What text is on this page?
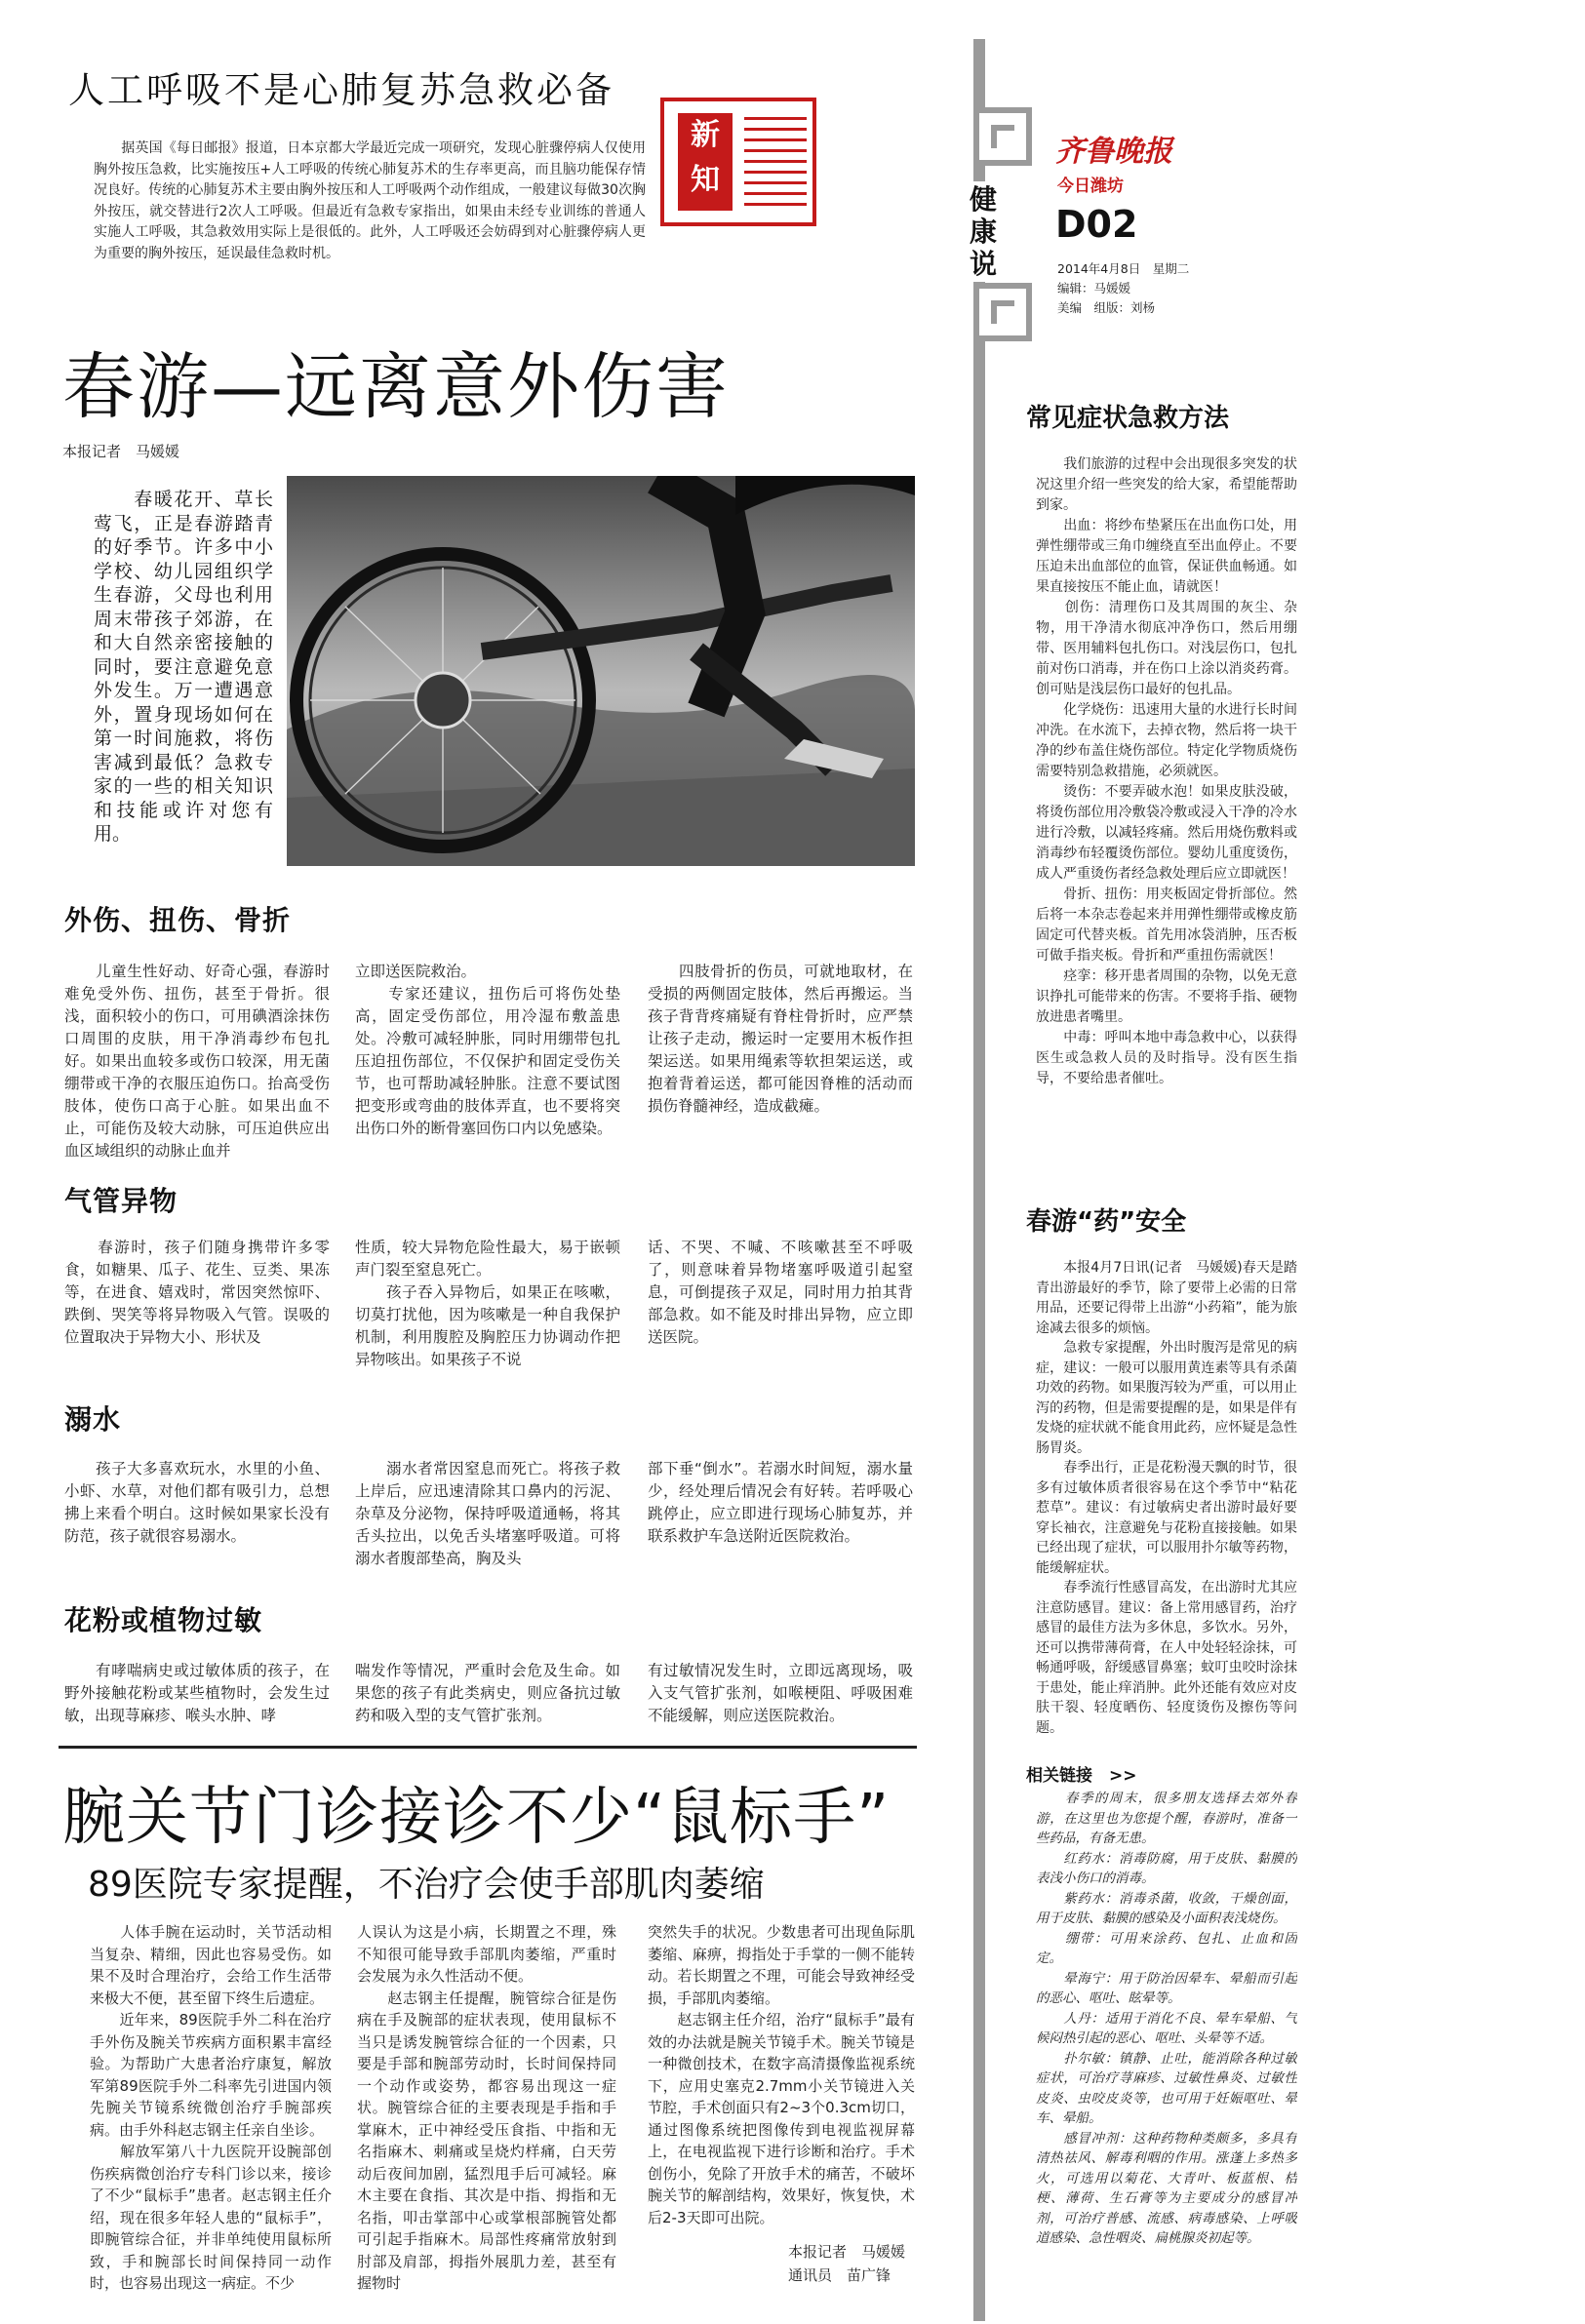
人工呼吸不是心肺复苏急救必备
　　据英国《每日邮报》报道，日本京都大学最近完成一项研究，发现心脏骤停病人仅使用胸外按压急救，比实施按压+人工呼吸的传统心肺复苏术的生存率更高，而且脑功能保存情况良好。传统的心肺复苏术主要由胸外按压和人工呼吸两个动作组成，一般建议每做30次胸外按压，就交替进行2次人工呼吸。但最近有急救专家指出，如果由未经专业训练的普通人实施人工呼吸，其急救效用实际上是很低的。此外，人工呼吸还会妨碍到对心脏骤停病人更为重要的胸外按压，延误最佳急救时机。
新
知
健康说
齐鲁晚报
今日潍坊
D02
2014年4月8日　星期二
编辑：马媛媛
美编　组版：刘杨
春游—远离意外伤害
本报记者　马媛媛
　　春暖花开、草长莺飞，正是春游踏青的好季节。许多中小学校、幼儿园组织学生春游，父母也利用周末带孩子郊游，在和大自然亲密接触的同时，要注意避免意外发生。万一遭遇意外，置身现场如何在第一时间施救，将伤害减到最低？急救专家的一些的相关知识和技能或许对您有用。
外伤、扭伤、骨折
　　儿童生性好动、好奇心强，春游时难免受外伤、扭伤，甚至于骨折。很浅，面积较小的伤口，可用碘酒涂抹伤口周围的皮肤，用干净消毒纱布包扎好。如果出血较多或伤口较深，用无菌绷带或干净的衣服压迫伤口。抬高受伤肢体，使伤口高于心脏。如果出血不止，可能伤及较大动脉，可压迫供应出血区域组织的动脉止血并
立即送医院救治。
　　专家还建议，扭伤后可将伤处垫高，固定受伤部位，用冷湿布敷盖患处。冷敷可减轻肿胀，同时用绷带包扎压迫扭伤部位，不仅保护和固定受伤关节，也可帮助减轻肿胀。注意不要试图把变形或弯曲的肢体弄直，也不要将突出伤口外的断骨塞回伤口内以免感染。
　　四肢骨折的伤员，可就地取材，在受损的两侧固定肢体，然后再搬运。当孩子背背疼痛疑有脊柱骨折时，应严禁让孩子走动，搬运时一定要用木板作担架运送。如果用绳索等软担架运送，或抱着背着运送，都可能因脊椎的活动而损伤脊髓神经，造成截瘫。
气管异物
　　春游时，孩子们随身携带许多零食，如糖果、瓜子、花生、豆类、果冻等，在进食、嬉戏时，常因突然惊吓、跌倒、哭笑等将异物吸入气管。误吸的位置取决于异物大小、形状及
性质，较大异物危险性最大，易于嵌顿声门裂至窒息死亡。
　　孩子吞入异物后，如果正在咳嗽，切莫打扰他，因为咳嗽是一种自我保护机制，利用腹腔及胸腔压力协调动作把异物咳出。如果孩子不说
话、不哭、不喊、不咳嗽甚至不呼吸了，则意味着异物堵塞呼吸道引起窒息，可倒提孩子双足，同时用力拍其背部急救。如不能及时排出异物，应立即送医院。
溺水
　　孩子大多喜欢玩水，水里的小鱼、小虾、水草，对他们都有吸引力，总想拂上来看个明白。这时候如果家长没有防范，孩子就很容易溺水。
　　溺水者常因窒息而死亡。将孩子救上岸后，应迅速清除其口鼻内的污泥、杂草及分泌物，保持呼吸道通畅，将其舌头拉出，以免舌头堵塞呼吸道。可将溺水者腹部垫高，胸及头
部下垂“倒水”。若溺水时间短，溺水量少，经处理后情况会有好转。若呼吸心跳停止，应立即进行现场心肺复苏，并联系救护车急送附近医院救治。
花粉或植物过敏
　　有哮喘病史或过敏体质的孩子，在野外接触花粉或某些植物时，会发生过敏，出现荨麻疹、喉头水肿、哮
喘发作等情况，严重时会危及生命。如果您的孩子有此类病史，则应备抗过敏药和吸入型的支气管扩张剂。
有过敏情况发生时，立即远离现场，吸入支气管扩张剂，如喉梗阻、呼吸困难不能缓解，则应送医院救治。
腕关节门诊接诊不少“鼠标手”
89医院专家提醒，不治疗会使手部肌肉萎缩
　　人体手腕在运动时，关节活动相当复杂、精细，因此也容易受伤。如果不及时合理治疗，会给工作生活带来极大不便，甚至留下终生后遗症。
　　近年来，89医院手外二科在治疗手外伤及腕关节疾病方面积累丰富经验。为帮助广大患者治疗康复，解放军第89医院手外二科率先引进国内领先腕关节镜系统微创治疗手腕部疾病。由手外科赵志钢主任亲自坐诊。
　　解放军第八十九医院开设腕部创伤疾病微创治疗专科门诊以来，接诊了不少“鼠标手”患者。赵志钢主任介绍，现在很多年轻人患的“鼠标手”，即腕管综合征，并非单纯使用鼠标所致，手和腕部长时间保持同一动作时，也容易出现这一病症。不少
人误认为这是小病，长期置之不理，殊不知很可能导致手部肌肉萎缩，严重时会发展为永久性活动不便。
　　赵志钢主任提醒，腕管综合征是伤病在手及腕部的症状表现，使用鼠标不当只是诱发腕管综合征的一个因素，只要是手部和腕部劳动时，长时间保持同一个动作或姿势，都容易出现这一症状。腕管综合征的主要表现是手指和手掌麻木，正中神经受压食指、中指和无名指麻木、刺痛或呈烧灼样痛，白天劳动后夜间加剧，猛烈甩手后可减轻。麻木主要在食指、其次是中指、拇指和无名指，叩击掌部中心或掌根部腕管处都可引起手指麻木。局部性疼痛常放射到肘部及肩部，拇指外展肌力差，甚至有握物时
突然失手的状况。少数患者可出现鱼际肌萎缩、麻痹，拇指处于手掌的一侧不能转动。若长期置之不理，可能会导致神经受损，手部肌肉萎缩。
　　赵志钢主任介绍，治疗“鼠标手”最有效的办法就是腕关节镜手术。腕关节镜是一种微创技术，在数字高清摄像监视系统下，应用史塞克2.7mm小关节镜进入关节腔，手术创面只有2~3个0.3cm切口，通过图像系统把图像传到电视监视屏幕上，在电视监视下进行诊断和治疗。手术创伤小，免除了开放手术的痛苦，不破坏腕关节的解剖结构，效果好，恢复快，术后2-3天即可出院。
本报记者　马媛媛
通讯员　苗广锋
常见症状急救方法
　　我们旅游的过程中会出现很多突发的状况这里介绍一些突发的给大家，希望能帮助到家。
　　出血：将纱布垫紧压在出血伤口处，用弹性绷带或三角巾缠绕直至出血停止。不要压迫未出血部位的血管，保证供血畅通。如果直接按压不能止血，请就医！
　　创伤：清理伤口及其周围的灰尘、杂物，用干净清水彻底冲净伤口，然后用绷带、医用辅料包扎伤口。对浅层伤口，包扎前对伤口消毒，并在伤口上涂以消炎药膏。创可贴是浅层伤口最好的包扎品。
　　化学烧伤：迅速用大量的水进行长时间冲洗。在水流下，去掉衣物，然后将一块干净的纱布盖住烧伤部位。特定化学物质烧伤需要特别急救措施，必须就医。
　　烫伤：不要弄破水泡！如果皮肤没破，将烫伤部位用冷敷袋冷敷或浸入干净的冷水进行冷敷，以减轻疼痛。然后用烧伤敷料或消毒纱布轻覆烫伤部位。婴幼儿重度烫伤，成人严重烫伤者经急救处理后应立即就医！
　　骨折、扭伤：用夹板固定骨折部位。然后将一本杂志卷起来并用弹性绷带或橡皮筋固定可代替夹板。首先用冰袋消肿，压否板可做手指夹板。骨折和严重扭伤需就医！
　　痉挛：移开患者周围的杂物，以免无意识挣扎可能带来的伤害。不要将手指、硬物放进患者嘴里。
　　中毒：呼叫本地中毒急救中心，以获得医生或急救人员的及时指导。没有医生指导，不要给患者催吐。
春游“药”安全
　　本报4月7日讯(记者　马媛媛)春天是踏青出游最好的季节，除了要带上必需的日常用品，还要记得带上出游“小药箱”，能为旅途减去很多的烦恼。
　　急救专家提醒，外出时腹泻是常见的病症，建议：一般可以服用黄连素等具有杀菌功效的药物。如果腹泻较为严重，可以用止泻的药物，但是需要提醒的是，如果是伴有发烧的症状就不能食用此药，应怀疑是急性肠胃炎。
　　春季出行，正是花粉漫天飘的时节，很多有过敏体质者很容易在这个季节中“粘花惹草”。建议：有过敏病史者出游时最好要穿长袖衣，注意避免与花粉直接接触。如果已经出现了症状，可以服用扑尔敏等药物，能缓解症状。
　　春季流行性感冒高发，在出游时尤其应注意防感冒。建议：备上常用感冒药，治疗感冒的最佳方法为多休息，多饮水。另外，还可以携带薄荷膏，在人中处轻轻涂抹，可畅通呼吸，舒缓感冒鼻塞；蚊叮虫咬时涂抹于患处，能止痒消肿。此外还能有效应对皮肤干裂、轻度晒伤、轻度烫伤及擦伤等问题。
相关链接　>>
　　春季的周末，很多朋友选择去郊外春游，在这里也为您提个醒，春游时，准备一些药品，有备无患。
　　红药水：消毒防腐，用于皮肤、黏膜的表浅小伤口的消毒。
　　紫药水：消毒杀菌，收敛，干燥创面，用于皮肤、黏膜的感染及小面积表浅烧伤。
　　绷带：可用来涂药、包扎、止血和固定。
　　晕海宁：用于防治因晕车、晕船而引起的恶心、呕吐、眩晕等。
　　人丹：适用于消化不良、晕车晕船、气候闷热引起的恶心、呕吐、头晕等不适。
　　扑尔敏：镇静、止吐，能消除各种过敏症状，可治疗荨麻疹、过敏性鼻炎、过敏性皮炎、虫咬皮炎等，也可用于妊娠呕吐、晕车、晕船。
　　感冒冲剂：这种药物种类颇多，多具有清热祛风、解毒利咽的作用。涨蓬上多热多火，可选用以菊花、大青叶、板蓝根、桔梗、薄荷、生石膏等为主要成分的感冒冲剂，可治疗普感、流感、病毒感染、上呼吸道感染、急性咽炎、扁桃腺炎初起等。
